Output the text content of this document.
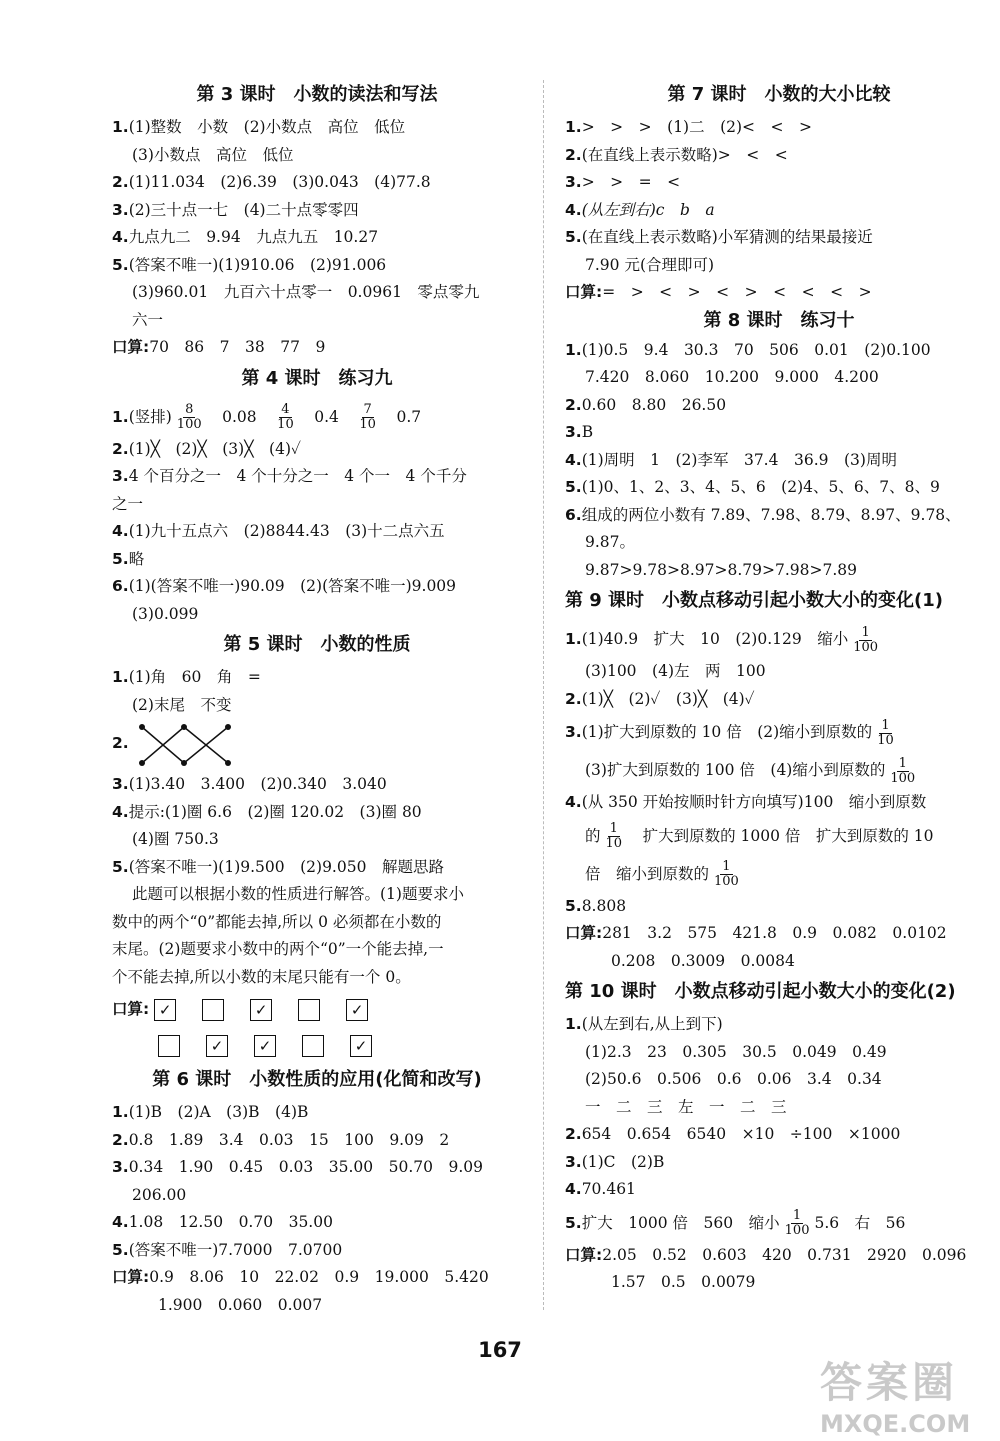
第 3 课时　小数的读法和写法
1.(1)整数　小数　(2)小数点　高位　低位
(3)小数点　高位　低位
2.(1)11.034　(2)6.39　(3)0.043　(4)77.8
3.(2)三十点一七　(4)二十点零零四
4.九点九二　9.94　九点九五　10.27
5.(答案不唯一)(1)910.06　(2)91.006
(3)960.01　九百六十点零一　0.0961　零点零九
六一
口算:70　86　7　38　77　9
第 4 课时　练习九
1.(竖排) $\frac{8}{100}$
　 0.08　 $\frac{4}{10}$
　 0.4　 $\frac{7}{10}$
　 0.7
2.(1)╳　(2)╳　(3)╳　(4)✓
3.4 个百分之一　4 个十分之一　4 个一　4 个千分
之一
4.(1)九十五点六　(2)8844.43　(3)十二点六五
5.略
6.(1)(答案不唯一)90.09　(2)(答案不唯一)9.009
(3)0.099
第 5 课时　小数的性质
1.(1)角　60　角　=
(2)末尾　不变
2.
3.(1)3.40　3.400　(2)0.340　3.040
4.提示:(1)圈 6.6　(2)圈 120.02　(3)圈 80
(4)圈 750.3
5.(答案不唯一)(1)9.500　(2)9.050　解题思路
此题可以根据小数的性质进行解答。(1)题要求小
数中的两个“0”都能去掉,所以 0 必须都在小数的
末尾。(2)题要求小数中的两个“0”一个能去掉,一
个不能去掉,所以小数的末尾只能有一个 0。
口算: ✓	✓	✓
✓ ✓	✓
第 6 课时　小数性质的应用(化简和改写)
1.(1)B　(2)A　(3)B　(4)B
2.0.8　1.89　3.4　0.03　15　100　9.09　2
3.0.34　1.90　0.45　0.03　35.00　50.70　9.09
206.00
4.1.08　12.50　0.70　35.00
5.(答案不唯一)7.7000　7.0700
口算:0.9　8.06　10　22.02　0.9　19.000　5.420
1.900　0.060　0.007
第 7 课时　小数的大小比较
1.>　>　>　(1)二　(2)<　<　>
2.(在直线上表示数略)>　<　<
3.>　>　=　<
4.(从左到右)c　b　a
5.(在直线上表示数略)小军猜测的结果最接近
7.90 元(合理即可)
口算:=　>　<　>　<　>　<　<　<　>
第 8 课时　练习十
1.(1)0.5　9.4　30.3　70　506　0.01　(2)0.100
7.420　8.060　10.200　9.000　4.200
2.0.60　8.80　26.50
3.B
4.(1)周明　1　(2)李军　37.4　36.9　(3)周明
5.(1)0、1、2、3、4、5、6　(2)4、5、6、7、8、9
6.组成的两位小数有 7.89、7.98、8.79、8.97、9.78、
9.87。
9.87>9.78>8.97>8.79>7.98>7.89
第 9 课时　小数点移动引起小数大小的变化(1)
1.(1)40.9　扩大　10　(2)0.129　缩小 $\frac{1}{100}$
(3)100　(4)左　两　100
2.(1)╳　(2)✓　(3)╳　(4)✓
3.(1)扩大到原数的 10 倍　(2)缩小到原数的 $\frac{1}{10}$
(3)扩大到原数的 100 倍　(4)缩小到原数的 $\frac{1}{100}$
4.(从 350 开始按顺时针方向填写)100　缩小到原数
的 $\frac{1}{10}$ 　扩大到原数的 1000 倍　扩大到原数的 10
倍　缩小到原数的 $\frac{1}{100}$
5.8.808
口算:281　3.2　575　421.8　0.9　0.082　0.0102
0.208　0.3009　0.0084
第 10 课时　小数点移动引起小数大小的变化(2)
1.(从左到右,从上到下)
(1)2.3　23　0.305　30.5　0.049　0.49
(2)50.6　0.506　0.6　0.06　3.4　0.34
一　二　三　左　一　二　三
2.654　0.654　6540　×10　÷100　×1000
3.(1)C　(2)B
4.70.461
5.扩大　1000 倍　560　缩小 $\frac{1}{100} 5.6$　右　56
口算:2.05　0.52　0.603　420　0.731　2920　0.096
1.57　0.5　0.0079
167
答案圈
MXQE.COM
